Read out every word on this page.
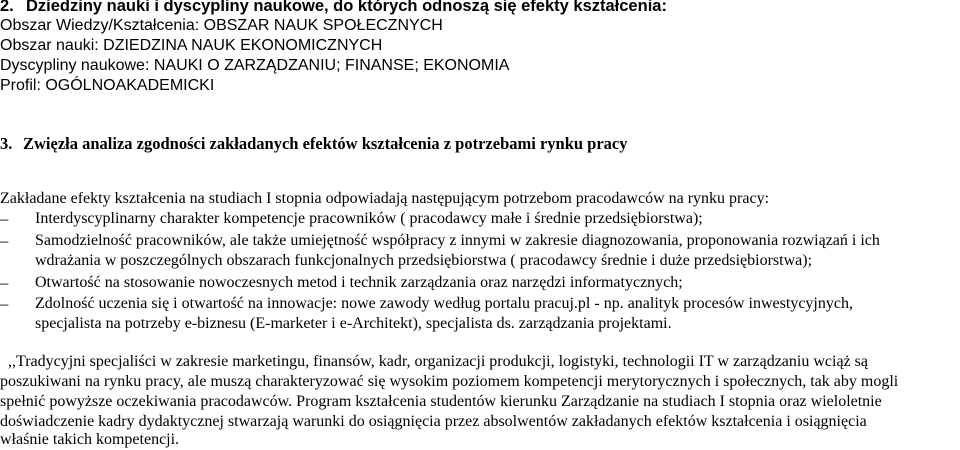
2. Dziedziny nauki i dyscypliny naukowe, do których odnoszą się efekty kształcenia:
Obszar Wiedzy/Kształcenia: OBSZAR NAUK SPOŁECZNYCH
Obszar nauki: DZIEDZINA NAUK EKONOMICZNYCH
Dyscypliny naukowe: NAUKI O ZARZĄDZANIU; FINANSE; EKONOMIA
Profil: OGÓLNOAKADEMICKI
3. Zwięzła analiza zgodności zakładanych efektów kształcenia z potrzebami rynku pracy
Zakładane efekty kształcenia na studiach I stopnia odpowiadają następującym potrzebom pracodawców na rynku pracy:
– Interdyscyplinarny charakter kompetencje pracowników ( pracodawcy małe i średnie przedsiębiorstwa);
– Samodzielność pracowników, ale także umiejętność współpracy z innymi w zakresie diagnozowania, proponowania rozwiązań i ich
wdrażania w poszczególnych obszarach funkcjonalnych przedsiębiorstwa ( pracodawcy średnie i duże przedsiębiorstwa);
– Otwartość na stosowanie nowoczesnych metod i technik zarządzania oraz narzędzi informatycznych;
– Zdolność uczenia się i otwartość na innowacje: nowe zawody według portalu pracuj.pl - np. analityk procesów inwestycyjnych,
specjalista na potrzeby e-biznesu (E-marketer i e-Architekt), specjalista ds. zarządzania projektami.
,,Tradycyjni specjaliści w zakresie marketingu, finansów, kadr, organizacji produkcji, logistyki, technologii IT w zarządzaniu wciąż są
poszukiwani na rynku pracy, ale muszą charakteryzować się wysokim poziomem kompetencji merytorycznych i społecznych, tak aby mogli
spełnić powyższe oczekiwania pracodawców. Program kształcenia studentów kierunku Zarządzanie na studiach I stopnia oraz wieloletnie
doświadczenie kadry dydaktycznej stwarzają warunki do osiągnięcia przez absolwentów zakładanych efektów kształcenia i osiągnięcia
właśnie takich kompetencji.
